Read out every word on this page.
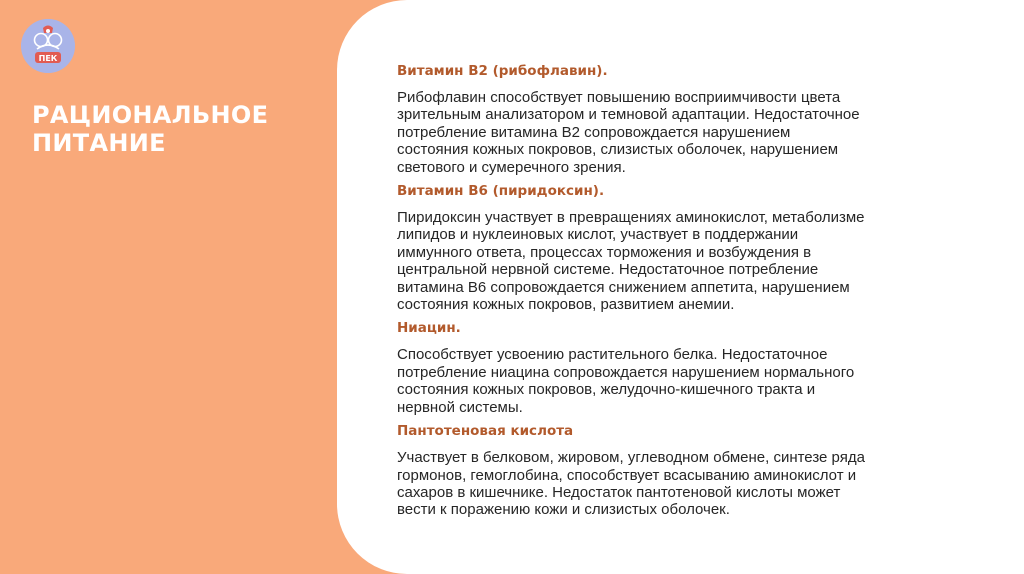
ПЕК
РАЦИОНАЛЬНОЕ
ПИТАНИЕ
Витамин В2 (рибофлавин).

Рибофлавин способствует повышению восприимчивости цвета
зрительным анализатором и темновой адаптации. Недостаточное
потребление витамина В2 сопровождается нарушением
состояния кожных покровов, слизистых оболочек, нарушением
светового и сумеречного зрения.

Витамин В6 (пиридоксин).

Пиридоксин участвует в превращениях аминокислот, метаболизме
липидов и нуклеиновых кислот, участвует в поддержании
иммунного ответа, процессах торможения и возбуждения в
центральной нервной системе. Недостаточное потребление
витамина В6 сопровождается снижением аппетита, нарушением
состояния кожных покровов, развитием анемии.

Ниацин.

Способствует усвоению растительного белка. Недостаточное
потребление ниацина сопровождается нарушением нормального
состояния кожных покровов, желудочно-кишечного тракта и
нервной системы.

Пантотеновая кислота

Участвует в белковом, жировом, углеводном обмене, синтезе ряда
гормонов, гемоглобина, способствует всасыванию аминокислот и
сахаров в кишечнике. Недостаток пантотеновой кислоты может
вести к поражению кожи и слизистых оболочек.
